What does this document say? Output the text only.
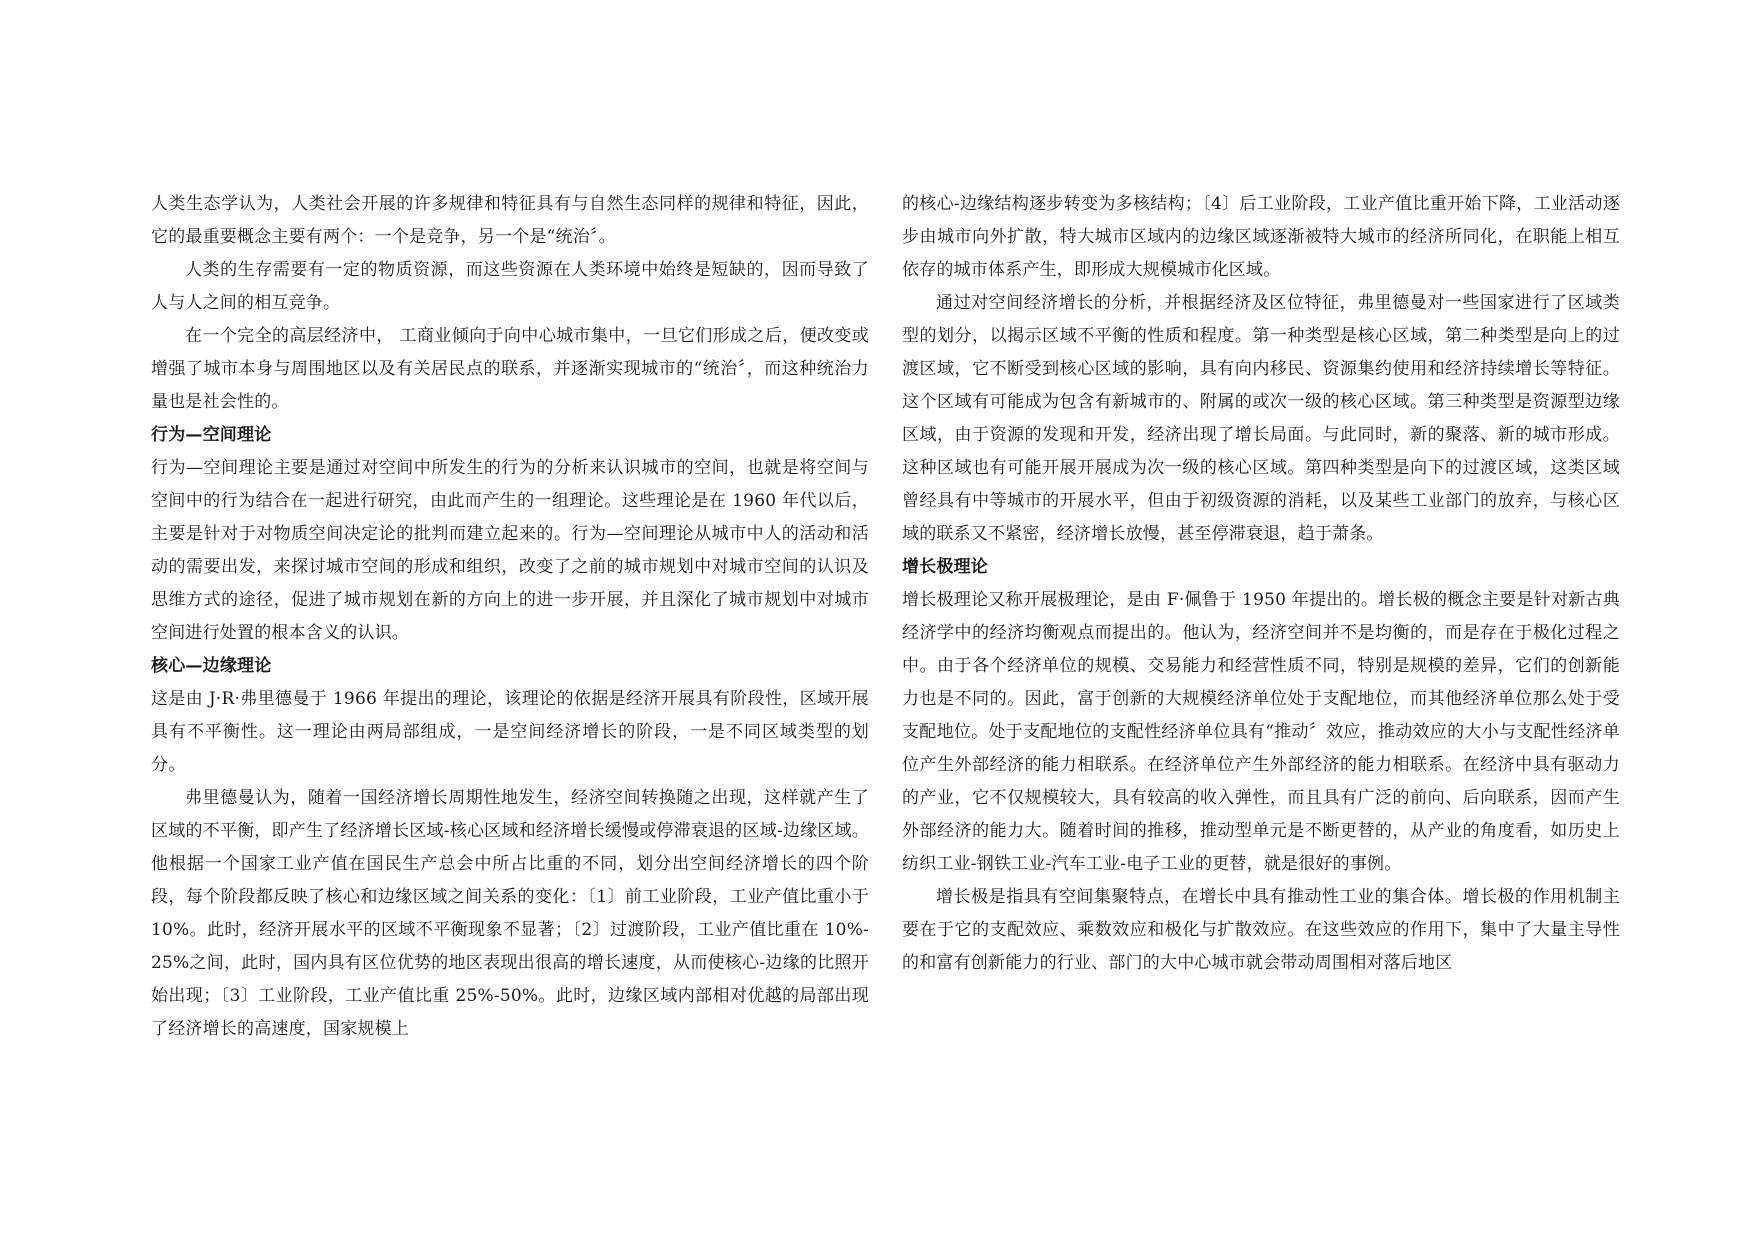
人类生态学认为，人类社会开展的许多规律和特征具有与自然生态同样的规律和特征，因此，它的最重要概念主要有两个：一个是竞争，另一个是“统治〞。

人类的生存需要有一定的物质资源，而这些资源在人类环境中始终是短缺的，因而导致了人与人之间的相互竞争。

在一个完全的高层经济中， 工商业倾向于向中心城市集中，一旦它们形成之后，便改变或增强了城市本身与周围地区以及有关居民点的联系，并逐渐实现城市的“统治〞，而这种统治力量也是社会性的。

行为—空间理论

行为—空间理论主要是通过对空间中所发生的行为的分析来认识城市的空间，也就是将空间与空间中的行为结合在一起进行研究，由此而产生的一组理论。这些理论是在 1960 年代以后，主要是针对于对物质空间决定论的批判而建立起来的。行为—空间理论从城市中人的活动和活动的需要出发，来探讨城市空间的形成和组织，改变了之前的城市规划中对城市空间的认识及思维方式的途径，促进了城市规划在新的方向上的进一步开展，并且深化了城市规划中对城市空间进行处置的根本含义的认识。

核心—边缘理论

这是由 J·R·弗里德曼于 1966 年提出的理论，该理论的依据是经济开展具有阶段性，区域开展具有不平衡性。这一理论由两局部组成，一是空间经济增长的阶段，一是不同区域类型的划分。

弗里德曼认为，随着一国经济增长周期性地发生，经济空间转换随之出现，这样就产生了区域的不平衡，即产生了经济增长区域-核心区域和经济增长缓慢或停滞衰退的区域-边缘区域。他根据一个国家工业产值在国民生产总会中所占比重的不同，划分出空间经济增长的四个阶段，每个阶段都反映了核心和边缘区域之间关系的变化：〔1〕前工业阶段，工业产值比重小于 10%。此时，经济开展水平的区域不平衡现象不显著；〔2〕过渡阶段，工业产值比重在 10%-25%之间，此时，国内具有区位优势的地区表现出很高的增长速度，从而使核心-边缘的比照开始出现；〔3〕工业阶段，工业产值比重 25%-50%。此时，边缘区域内部相对优越的局部出现了经济增长的高速度，国家规模上

的核心-边缘结构逐步转变为多核结构；〔4〕后工业阶段，工业产值比重开始下降，工业活动逐步由城市向外扩散，特大城市区域内的边缘区域逐渐被特大城市的经济所同化，在职能上相互依存的城市体系产生，即形成大规模城市化区域。

通过对空间经济增长的分析，并根据经济及区位特征，弗里德曼对一些国家进行了区域类型的划分，以揭示区域不平衡的性质和程度。第一种类型是核心区域，第二种类型是向上的过渡区域，它不断受到核心区域的影响，具有向内移民、资源集约使用和经济持续增长等特征。这个区域有可能成为包含有新城市的、附属的或次一级的核心区域。第三种类型是资源型边缘区域，由于资源的发现和开发，经济出现了增长局面。与此同时，新的聚落、新的城市形成。这种区域也有可能开展开展成为次一级的核心区域。第四种类型是向下的过渡区域，这类区域曾经具有中等城市的开展水平，但由于初级资源的消耗，以及某些工业部门的放弃，与核心区域的联系又不紧密，经济增长放慢，甚至停滞衰退，趋于萧条。

增长极理论

增长极理论又称开展极理论，是由 F·佩鲁于 1950 年提出的。增长极的概念主要是针对新古典经济学中的经济均衡观点而提出的。他认为，经济空间并不是均衡的，而是存在于极化过程之中。由于各个经济单位的规模、交易能力和经营性质不同，特别是规模的差异，它们的创新能力也是不同的。因此，富于创新的大规模经济单位处于支配地位，而其他经济单位那么处于受支配地位。处于支配地位的支配性经济单位具有“推动〞效应，推动效应的大小与支配性经济单位产生外部经济的能力相联系。在经济单位产生外部经济的能力相联系。在经济中具有驱动力的产业，它不仅规模较大，具有较高的收入弹性，而且具有广泛的前向、后向联系，因而产生外部经济的能力大。随着时间的推移，推动型单元是不断更替的，从产业的角度看，如历史上纺织工业-钢铁工业-汽车工业-电子工业的更替，就是很好的事例。

增长极是指具有空间集聚特点，在增长中具有推动性工业的集合体。增长极的作用机制主要在于它的支配效应、乘数效应和极化与扩散效应。在这些效应的作用下，集中了大量主导性的和富有创新能力的行业、部门的大中心城市就会带动周围相对落后地区
